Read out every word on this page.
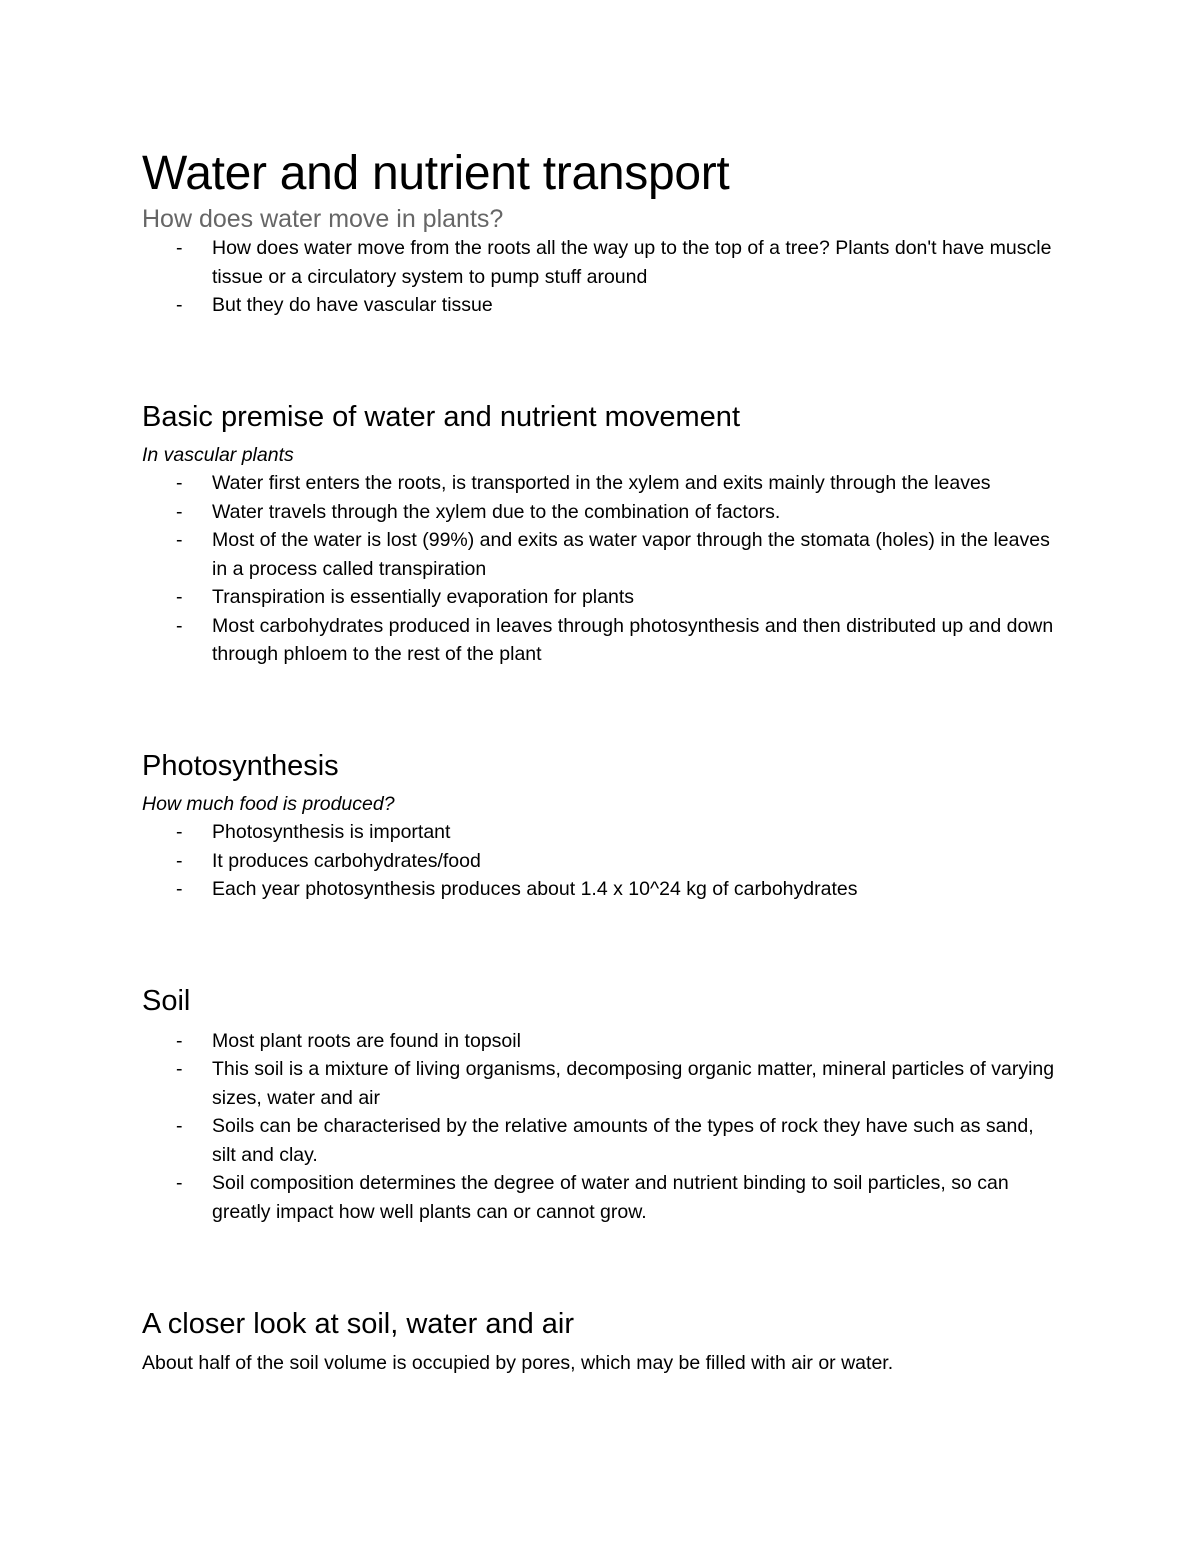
Water and nutrient transport
How does water move in plants?
- How does water move from the roots all the way up to the top of a tree? Plants don't have muscle tissue or a circulatory system to pump stuff around
- But they do have vascular tissue
Basic premise of water and nutrient movement

In vascular plants

- Water first enters the roots, is transported in the xylem and exits mainly through the leaves
- Water travels through the xylem due to the combination of factors.
- Most of the water is lost (99%) and exits as water vapor through the stomata (holes) in the leaves in a process called transpiration
- Transpiration is essentially evaporation for plants
- Most carbohydrates produced in leaves through photosynthesis and then distributed up and down through phloem to the rest of the plant
Photosynthesis

How much food is produced?

- Photosynthesis is important
- It produces carbohydrates/food
- Each year photosynthesis produces about 1.4 x 10^24 kg of carbohydrates
Soil
- Most plant roots are found in topsoil
- This soil is a mixture of living organisms, decomposing organic matter, mineral particles of varying sizes, water and air
- Soils can be characterised by the relative amounts of the types of rock they have such as sand, silt and clay.
- Soil composition determines the degree of water and nutrient binding to soil particles, so can greatly impact how well plants can or cannot grow.
A closer look at soil, water and air

About half of the soil volume is occupied by pores, which may be filled with air or water.
